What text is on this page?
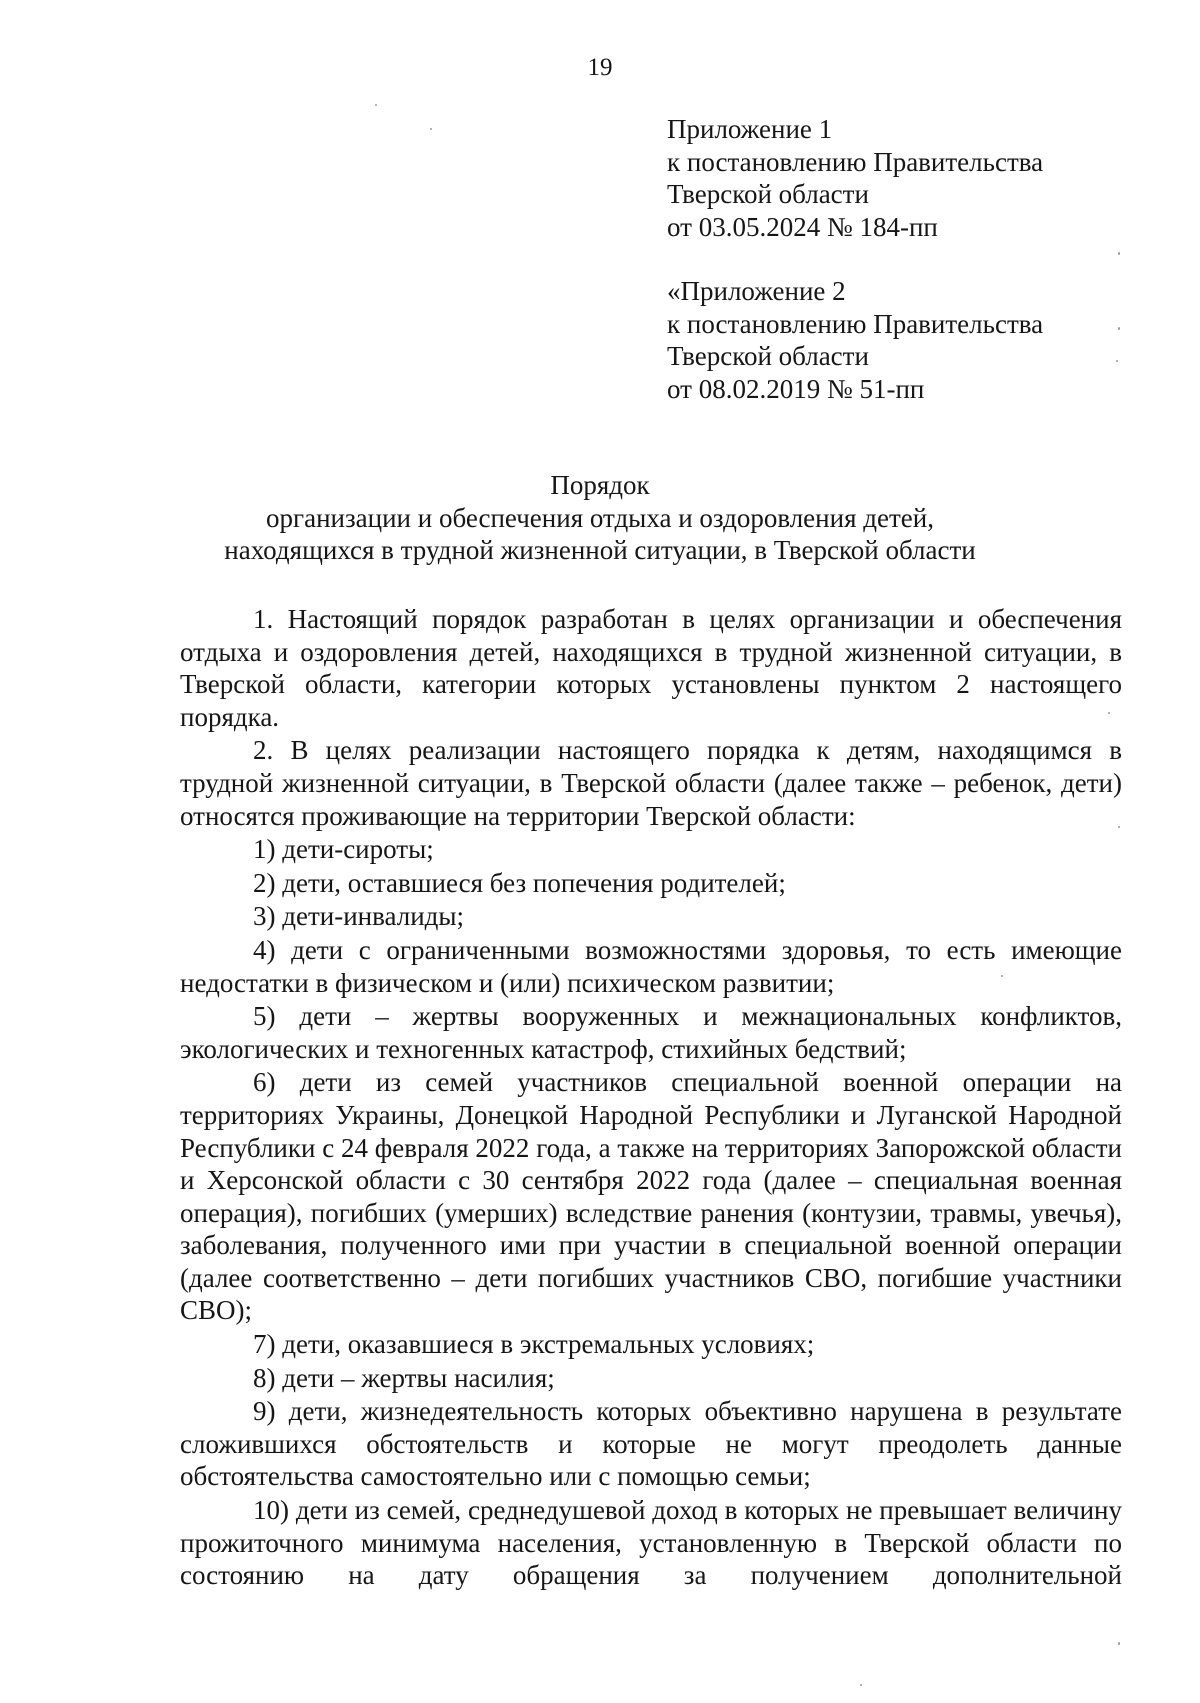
19
Приложение 1
к постановлению Правительства
Тверской области
от 03.05.2024 № 184-пп
«Приложение 2
к постановлению Правительства
Тверской области
от 08.02.2019 № 51-пп
Порядок
организации и обеспечения отдыха и оздоровления детей,
находящихся в трудной жизненной ситуации, в Тверской области

1. Настоящий порядок разработан в целях организации и обеспечения отдыха и оздоровления детей, находящихся в трудной жизненной ситуации, в Тверской области, категории которых установлены пунктом 2 настоящего порядка.

2. В целях реализации настоящего порядка к детям, находящимся в трудной жизненной ситуации, в Тверской области (далее также – ребенок, дети) относятся проживающие на территории Тверской области:

1) дети-сироты;

2) дети, оставшиеся без попечения родителей;

3) дети-инвалиды;

4) дети с ограниченными возможностями здоровья, то есть имеющие недостатки в физическом и (или) психическом развитии;

5) дети – жертвы вооруженных и межнациональных конфликтов, экологических и техногенных катастроф, стихийных бедствий;

6) дети из семей участников специальной военной операции на территориях Украины, Донецкой Народной Республики и Луганской Народной Республики с 24 февраля 2022 года, а также на территориях Запорожской области и Херсонской области с 30 сентября 2022 года (далее – специальная военная операция), погибших (умерших) вследствие ранения (контузии, травмы, увечья), заболевания, полученного ими при участии в специальной военной операции (далее соответственно – дети погибших участников СВО, погибшие участники СВО);

7) дети, оказавшиеся в экстремальных условиях;

8) дети – жертвы насилия;

9) дети, жизнедеятельность которых объективно нарушена в результате сложившихся обстоятельств и которые не могут преодолеть данные обстоятельства самостоятельно или с помощью семьи;

10) дети из семей, среднедушевой доход в которых не превышает величину прожиточного минимума населения, установленную в Тверской области по состоянию на дату обращения за получением дополнительной
